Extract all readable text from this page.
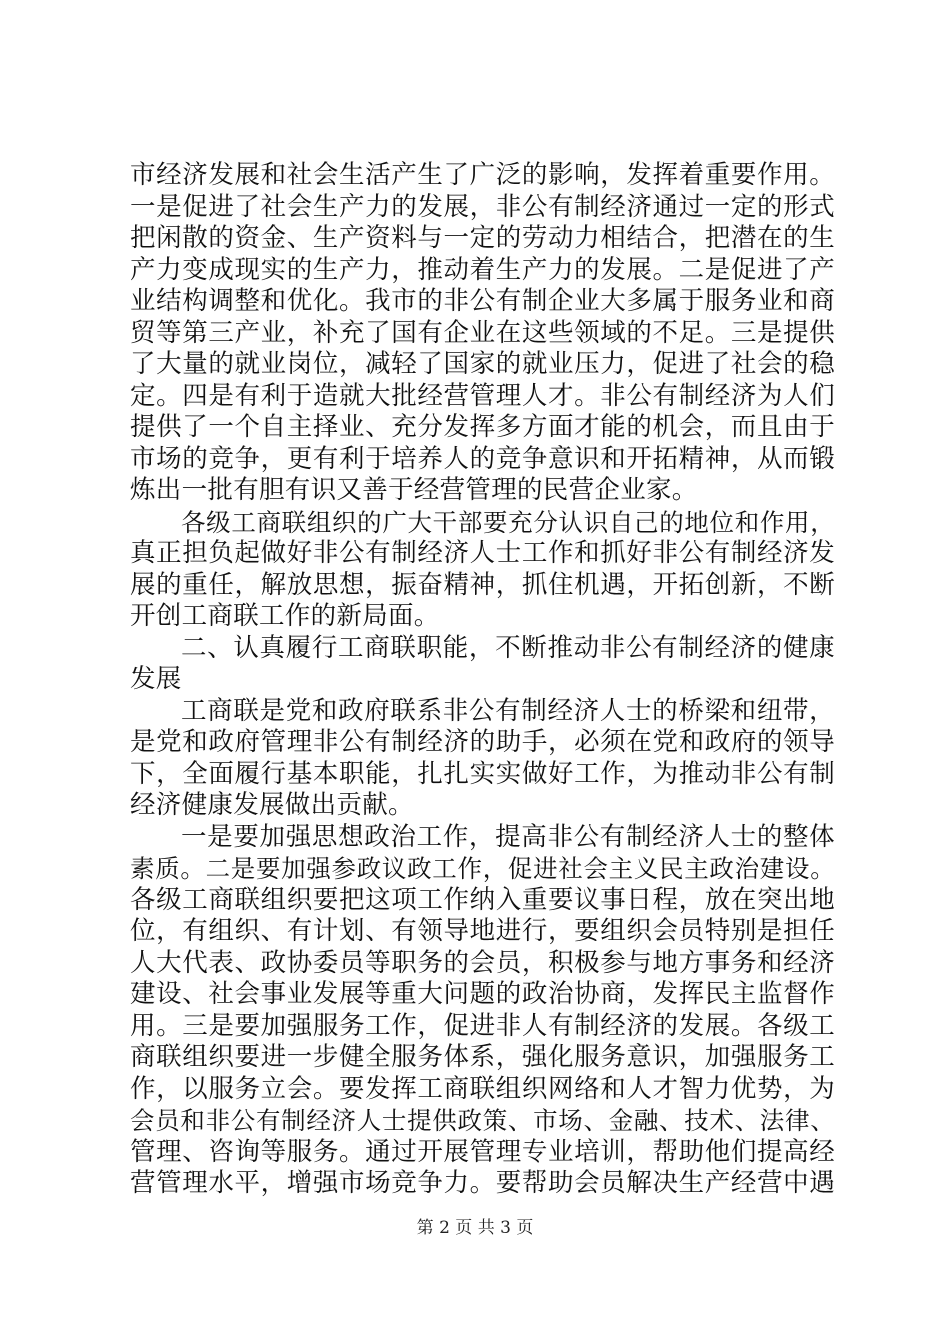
市经济发展和社会生活产生了广泛的影响，发挥着重要作用。
一是促进了社会生产力的发展，非公有制经济通过一定的形式
把闲散的资金、生产资料与一定的劳动力相结合，把潜在的生
产力变成现实的生产力，推动着生产力的发展。二是促进了产
业结构调整和优化。我市的非公有制企业大多属于服务业和商
贸等第三产业，补充了国有企业在这些领域的不足。三是提供
了大量的就业岗位，减轻了国家的就业压力，促进了社会的稳
定。四是有利于造就大批经营管理人才。非公有制经济为人们
提供了一个自主择业、充分发挥多方面才能的机会，而且由于
市场的竞争，更有利于培养人的竞争意识和开拓精神，从而锻
炼出一批有胆有识又善于经营管理的民营企业家。
各级工商联组织的广大干部要充分认识自己的地位和作用，
真正担负起做好非公有制经济人士工作和抓好非公有制经济发
展的重任，解放思想，振奋精神，抓住机遇，开拓创新，不断
开创工商联工作的新局面。
二、认真履行工商联职能，不断推动非公有制经济的健康
发展
工商联是党和政府联系非公有制经济人士的桥梁和纽带，
是党和政府管理非公有制经济的助手，必须在党和政府的领导
下，全面履行基本职能，扎扎实实做好工作，为推动非公有制
经济健康发展做出贡献。
一是要加强思想政治工作，提高非公有制经济人士的整体
素质。二是要加强参政议政工作，促进社会主义民主政治建设。
各级工商联组织要把这项工作纳入重要议事日程，放在突出地
位，有组织、有计划、有领导地进行，要组织会员特别是担任
人大代表、政协委员等职务的会员，积极参与地方事务和经济
建设、社会事业发展等重大问题的政治协商，发挥民主监督作
用。三是要加强服务工作，促进非人有制经济的发展。各级工
商联组织要进一步健全服务体系，强化服务意识，加强服务工
作，以服务立会。要发挥工商联组织网络和人才智力优势，为
会员和非公有制经济人士提供政策、市场、金融、技术、法律、
管理、咨询等服务。通过开展管理专业培训，帮助他们提高经
营管理水平，增强市场竞争力。要帮助会员解决生产经营中遇
第 2 页 共 3 页
